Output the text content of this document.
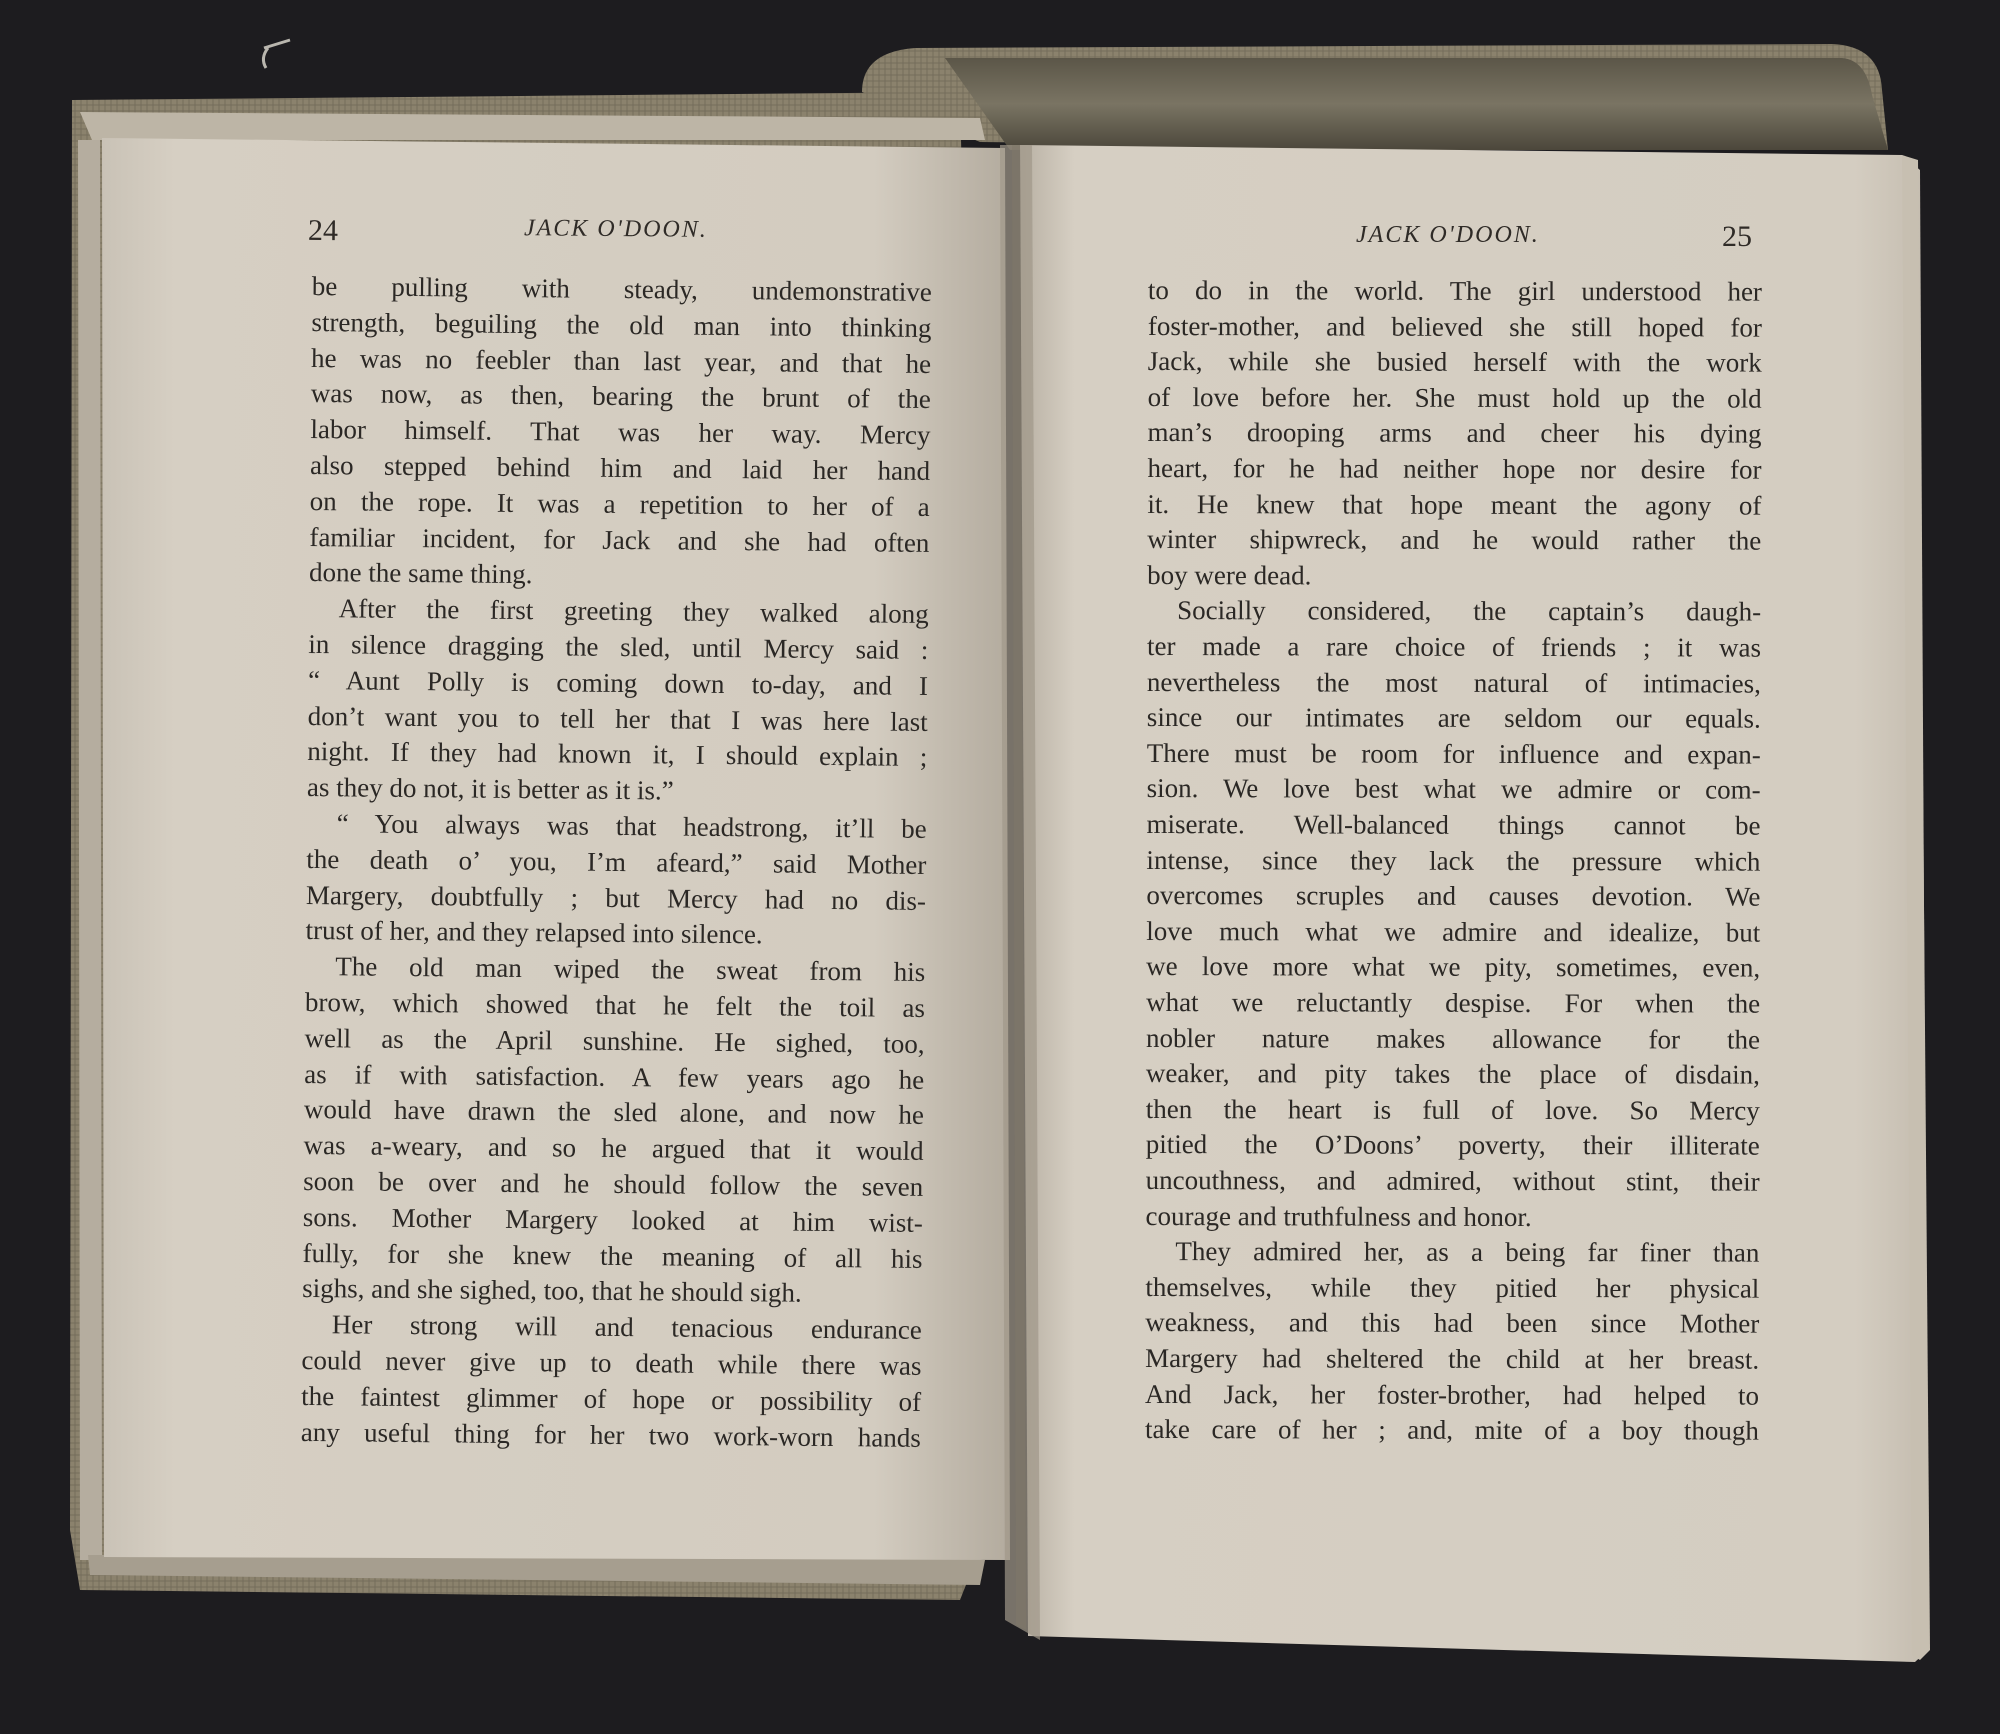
24	JACK O'DOON.
be pulling with steady, undemonstrative
strength, beguiling the old man into thinking
he was no feebler than last year, and that he
was now, as then, bearing the brunt of the
labor himself. That was her way. Mercy
also stepped behind him and laid her hand
on the rope. It was a repetition to her of a
familiar incident, for Jack and she had often
done the same thing.
After the first greeting they walked along
in silence dragging the sled, until Mercy said :
“ Aunt Polly is coming down to-day, and I
don’t want you to tell her that I was here last
night. If they had known it, I should explain ;
as they do not, it is better as it is.”
“ You always was that headstrong, it’ll be
the death o’ you, I’m afeard,” said Mother
Margery, doubtfully ; but Mercy had no dis-
trust of her, and they relapsed into silence.
The old man wiped the sweat from his
brow, which showed that he felt the toil as
well as the April sunshine. He sighed, too,
as if with satisfaction. A few years ago he
would have drawn the sled alone, and now he
was a-weary, and so he argued that it would
soon be over and he should follow the seven
sons. Mother Margery looked at him wist-
fully, for she knew the meaning of all his
sighs, and she sighed, too, that he should sigh.
Her strong will and tenacious endurance
could never give up to death while there was
the faintest glimmer of hope or possibility of
any useful thing for her two work-worn hands
JACK O'DOON.	25
to do in the world. The girl understood her
foster-mother, and believed she still hoped for
Jack, while she busied herself with the work
of love before her. She must hold up the old
man’s drooping arms and cheer his dying
heart, for he had neither hope nor desire for
it. He knew that hope meant the agony of
winter shipwreck, and he would rather the
boy were dead.
Socially considered, the captain’s daugh-
ter made a rare choice of friends ; it was
nevertheless the most natural of intimacies,
since our intimates are seldom our equals.
There must be room for influence and expan-
sion. We love best what we admire or com-
miserate. Well-balanced things cannot be
intense, since they lack the pressure which
overcomes scruples and causes devotion. We
love much what we admire and idealize, but
we love more what we pity, sometimes, even,
what we reluctantly despise. For when the
nobler nature makes allowance for the
weaker, and pity takes the place of disdain,
then the heart is full of love. So Mercy
pitied the O’Doons’ poverty, their illiterate
uncouthness, and admired, without stint, their
courage and truthfulness and honor.
They admired her, as a being far finer than
themselves, while they pitied her physical
weakness, and this had been since Mother
Margery had sheltered the child at her breast.
And Jack, her foster-brother, had helped to
take care of her ; and, mite of a boy though
